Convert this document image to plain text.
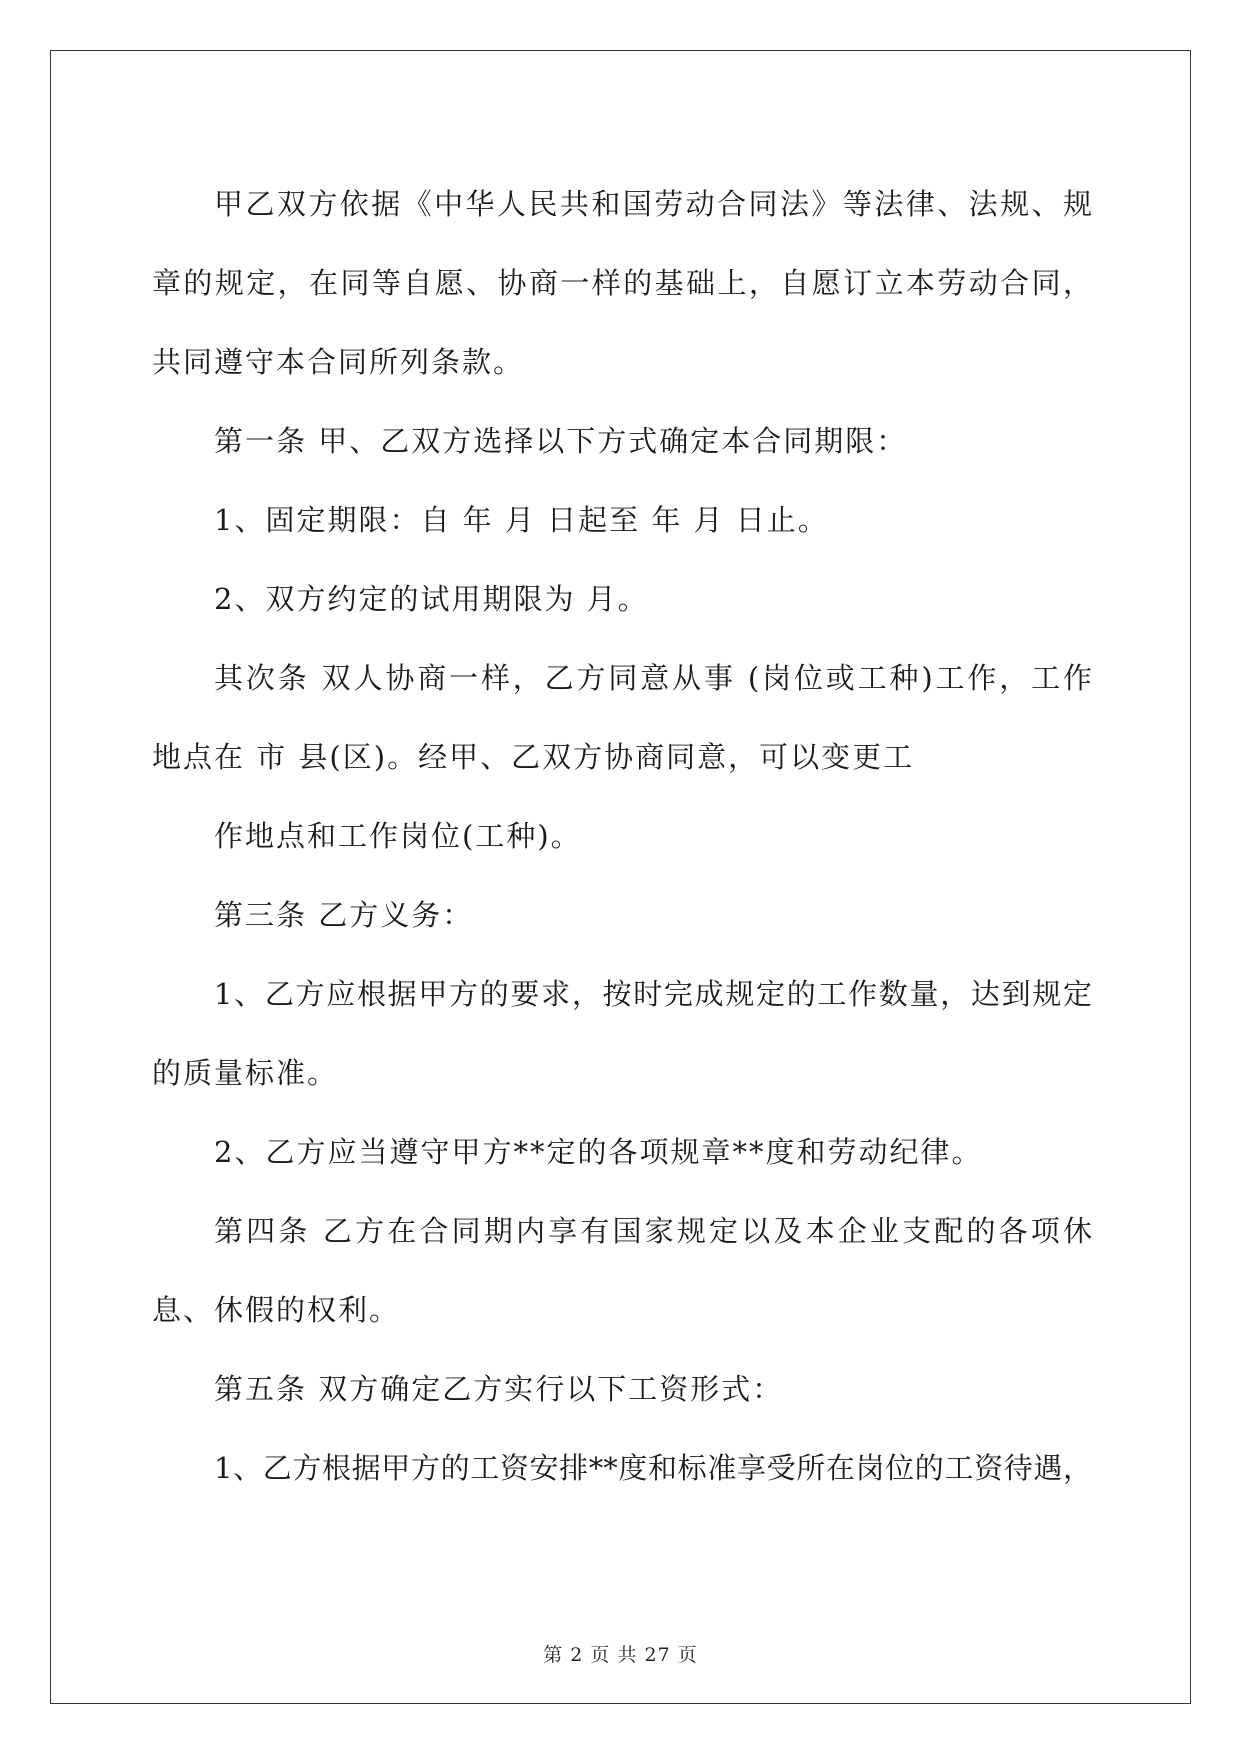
甲乙双方依据《中华人民共和国劳动合同法》等法律、法规、规
章的规定，在同等自愿、协商一样的基础上，自愿订立本劳动合同，
共同遵守本合同所列条款。
第一条 甲、乙双方选择以下方式确定本合同期限：
1、固定期限：自 年 月 日起至 年 月 日止。
2、双方约定的试用期限为 月。
其次条 双人协商一样，乙方同意从事 (岗位或工种)工作，工作
地点在 市 县(区)。经甲、乙双方协商同意，可以变更工
作地点和工作岗位(工种)。
第三条 乙方义务：
1、乙方应根据甲方的要求，按时完成规定的工作数量，达到规定
的质量标准。
2、乙方应当遵守甲方**定的各项规章**度和劳动纪律。
第四条 乙方在合同期内享有国家规定以及本企业支配的各项休
息、休假的权利。
第五条 双方确定乙方实行以下工资形式：
1、乙方根据甲方的工资安排**度和标准享受所在岗位的工资待遇，
第 2 页 共 27 页
